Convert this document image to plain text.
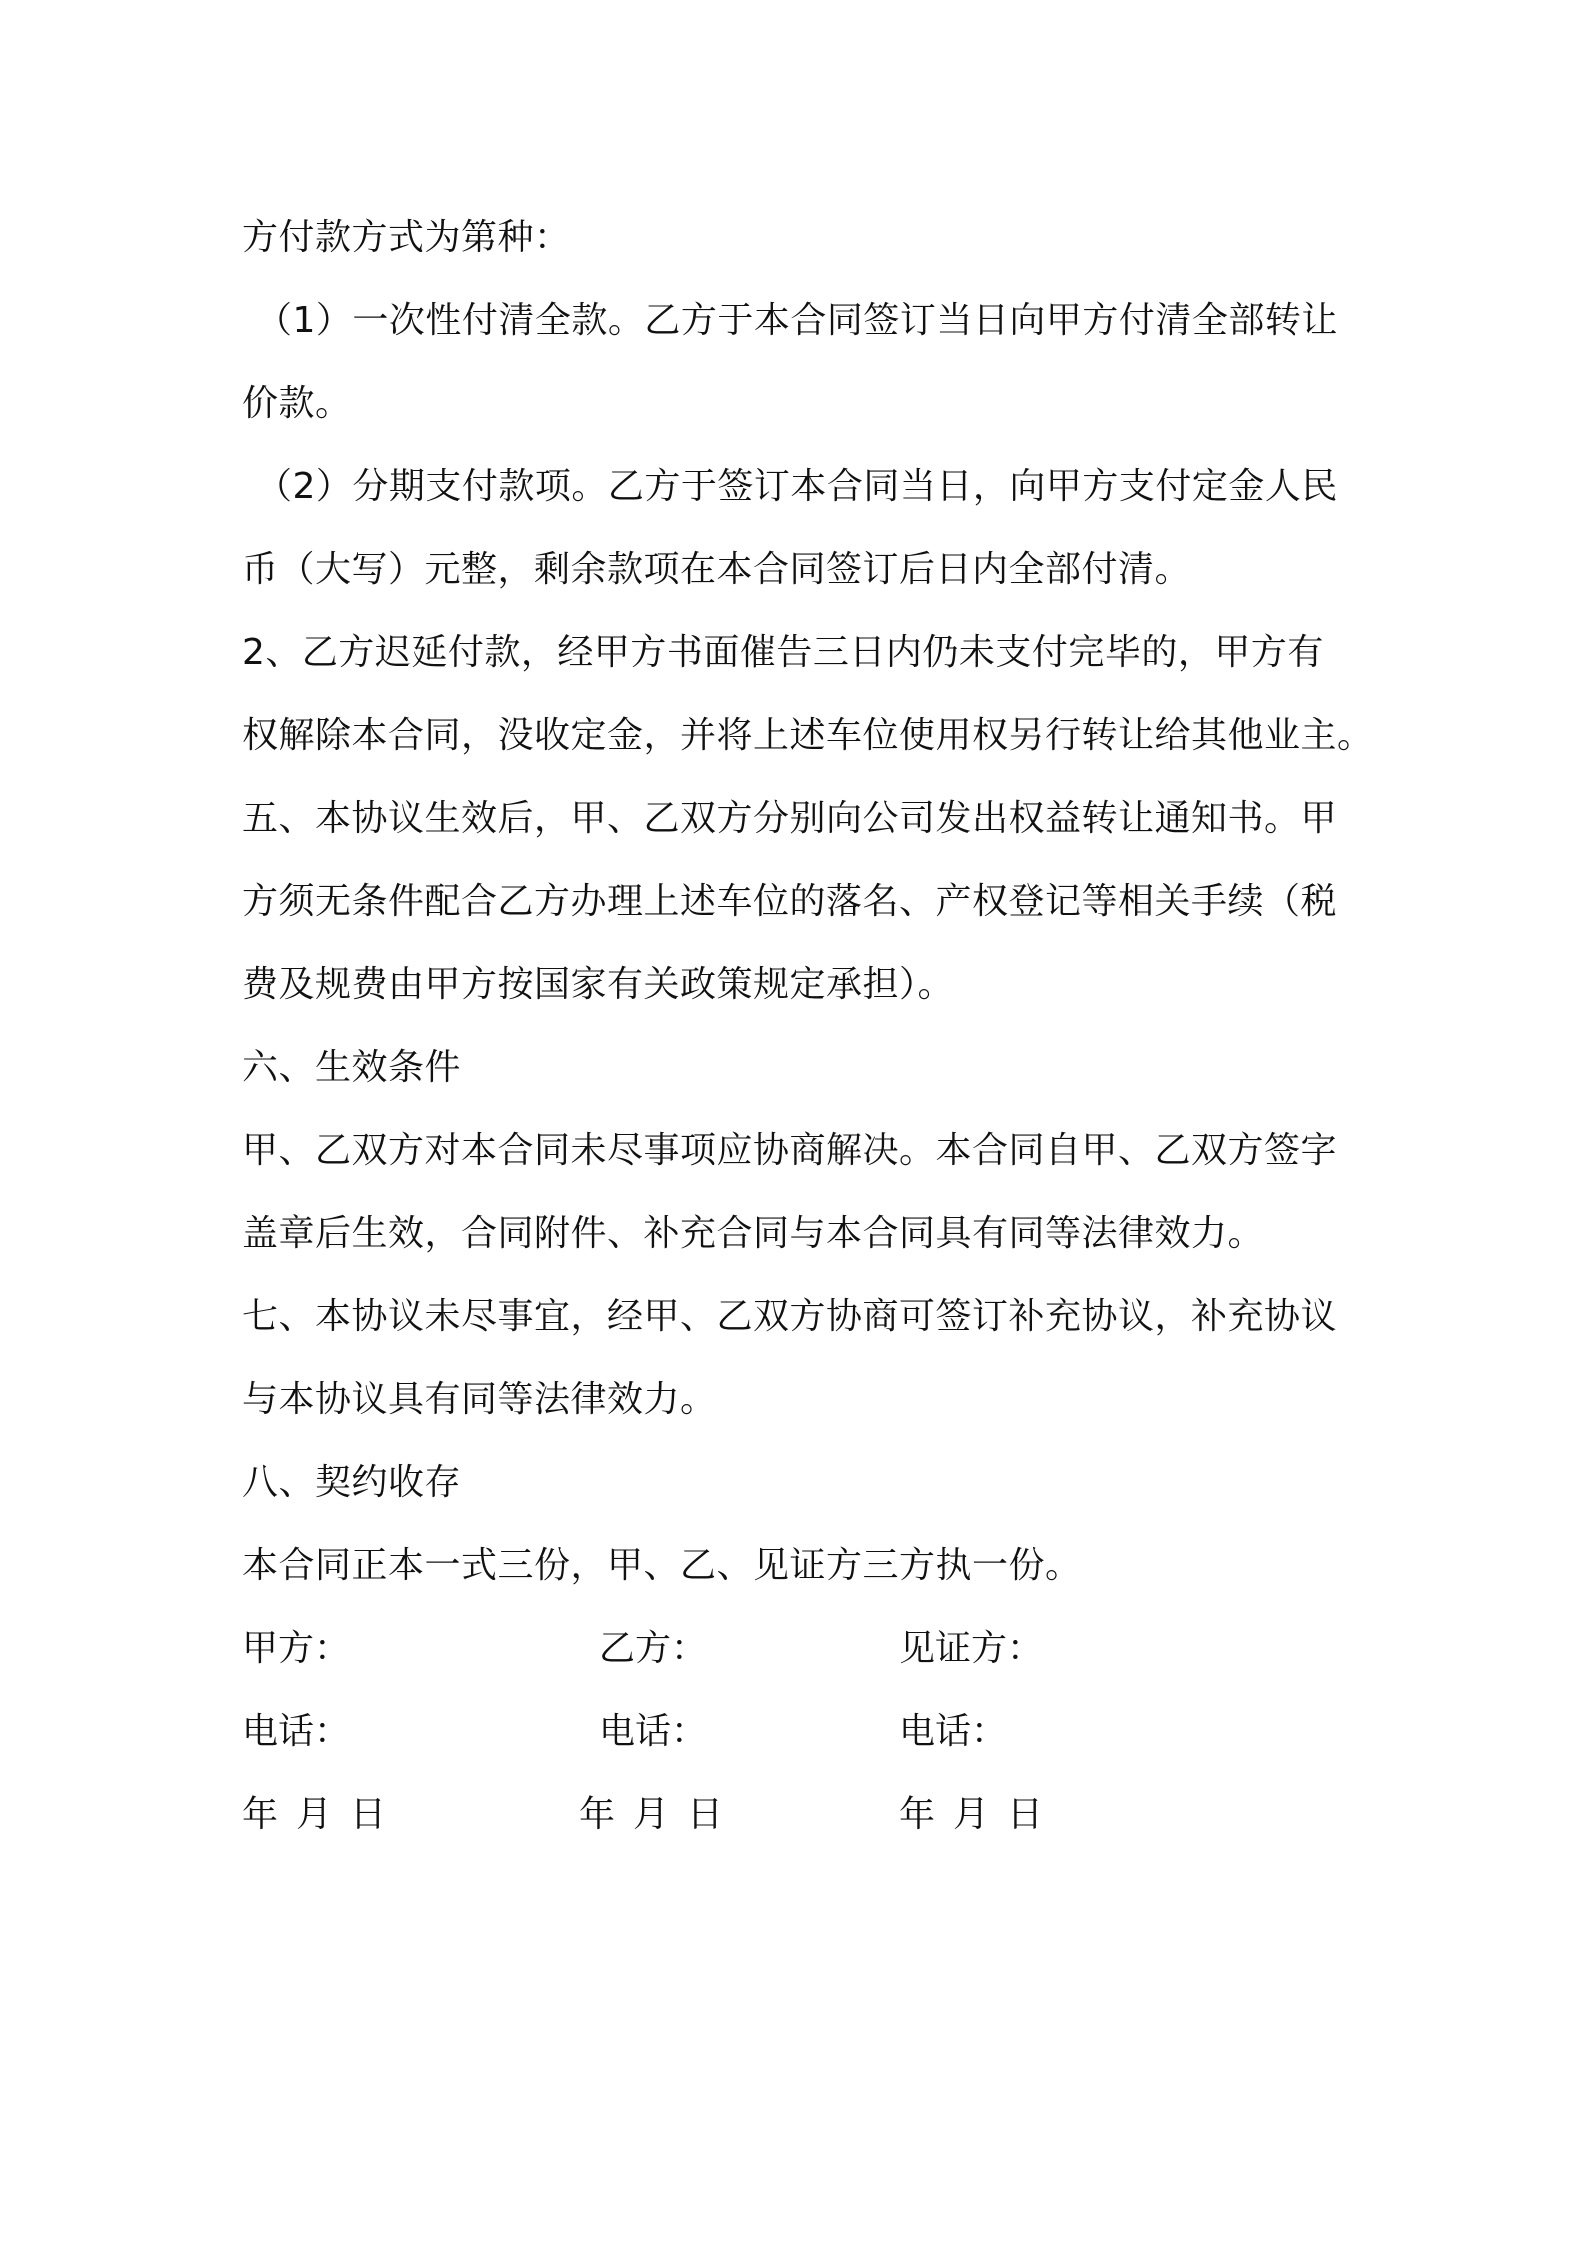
方付款方式为第种：
（1）一次性付清全款。乙方于本合同签订当日向甲方付清全部转让
价款。
（2）分期支付款项。乙方于签订本合同当日，向甲方支付定金人民
币（大写）元整，剩余款项在本合同签订后日内全部付清。
2、乙方迟延付款，经甲方书面催告三日内仍未支付完毕的，甲方有
权解除本合同，没收定金，并将上述车位使用权另行转让给其他业主。
五、本协议生效后，甲、乙双方分别向公司发出权益转让通知书。甲
方须无条件配合乙方办理上述车位的落名、产权登记等相关手续（税
费及规费由甲方按国家有关政策规定承担）。
六、生效条件
甲、乙双方对本合同未尽事项应协商解决。本合同自甲、乙双方签字
盖章后生效，合同附件、补充合同与本合同具有同等法律效力。
七、本协议未尽事宜，经甲、乙双方协商可签订补充协议，补充协议
与本协议具有同等法律效力。
八、契约收存
本合同正本一式三份，甲、乙、见证方三方执一份。
甲方：	乙方：	见证方：
电话：	电话：	电话：
年 月 日	年 月 日	年 月 日
